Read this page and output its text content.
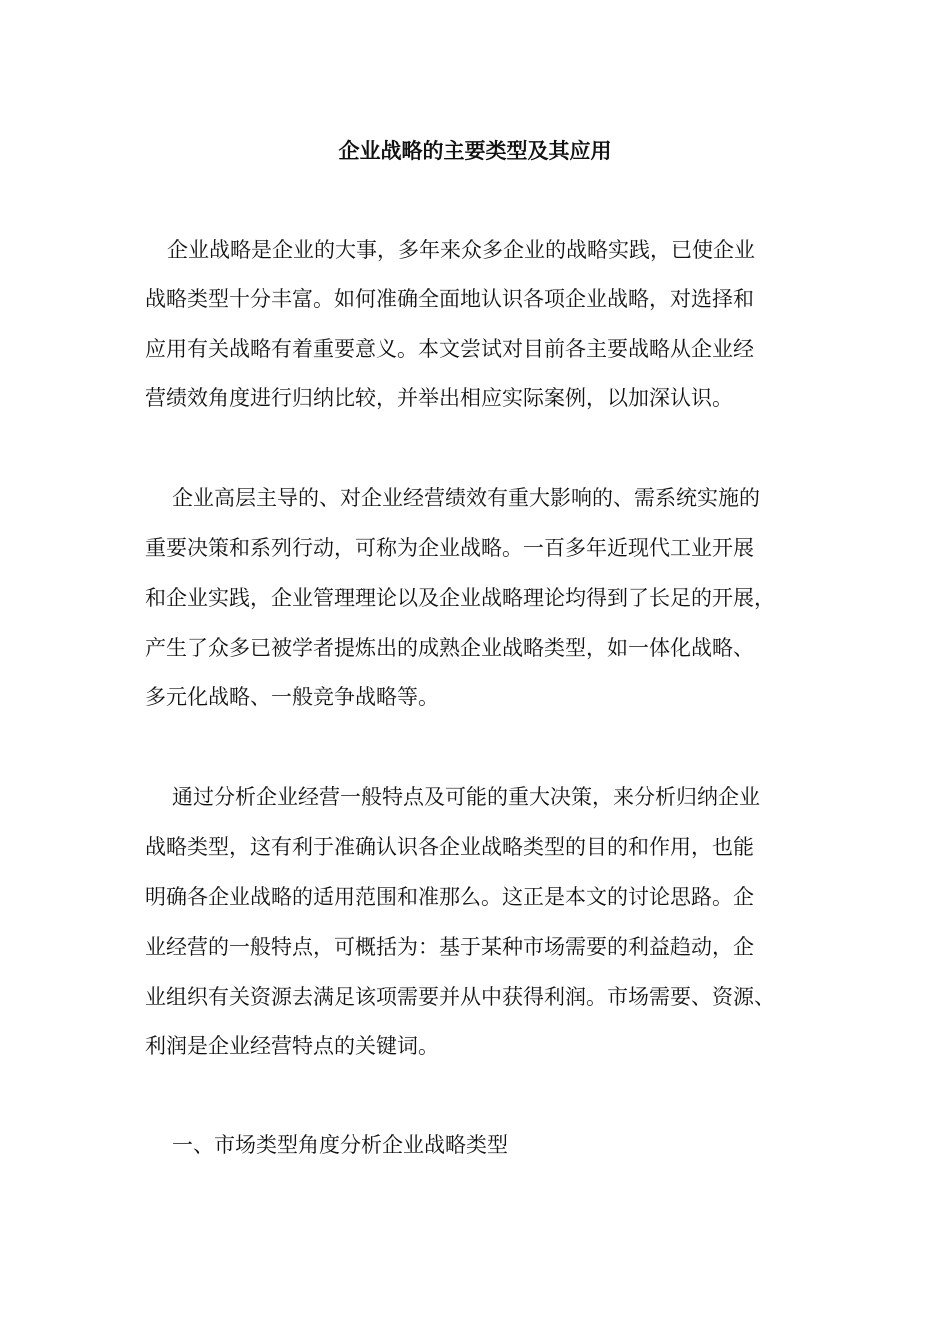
企业战略的主要类型及其应用

企业战略是企业的大事，多年来众多企业的战略实践，已使企业

战略类型十分丰富。如何准确全面地认识各项企业战略，对选择和

应用有关战略有着重要意义。本文尝试对目前各主要战略从企业经

营绩效角度进行归纳比较，并举出相应实际案例，以加深认识。

企业高层主导的、对企业经营绩效有重大影响的、需系统实施的

重要决策和系列行动，可称为企业战略。一百多年近现代工业开展

和企业实践，企业管理理论以及企业战略理论均得到了长足的开展，

产生了众多已被学者提炼出的成熟企业战略类型，如一体化战略、

多元化战略、一般竞争战略等。

通过分析企业经营一般特点及可能的重大决策，来分析归纳企业

战略类型，这有利于准确认识各企业战略类型的目的和作用，也能

明确各企业战略的适用范围和准那么。这正是本文的讨论思路。企

业经营的一般特点，可概括为：基于某种市场需要的利益趋动，企

业组织有关资源去满足该项需要并从中获得利润。市场需要、资源、

利润是企业经营特点的关键词。

一、市场类型角度分析企业战略类型
